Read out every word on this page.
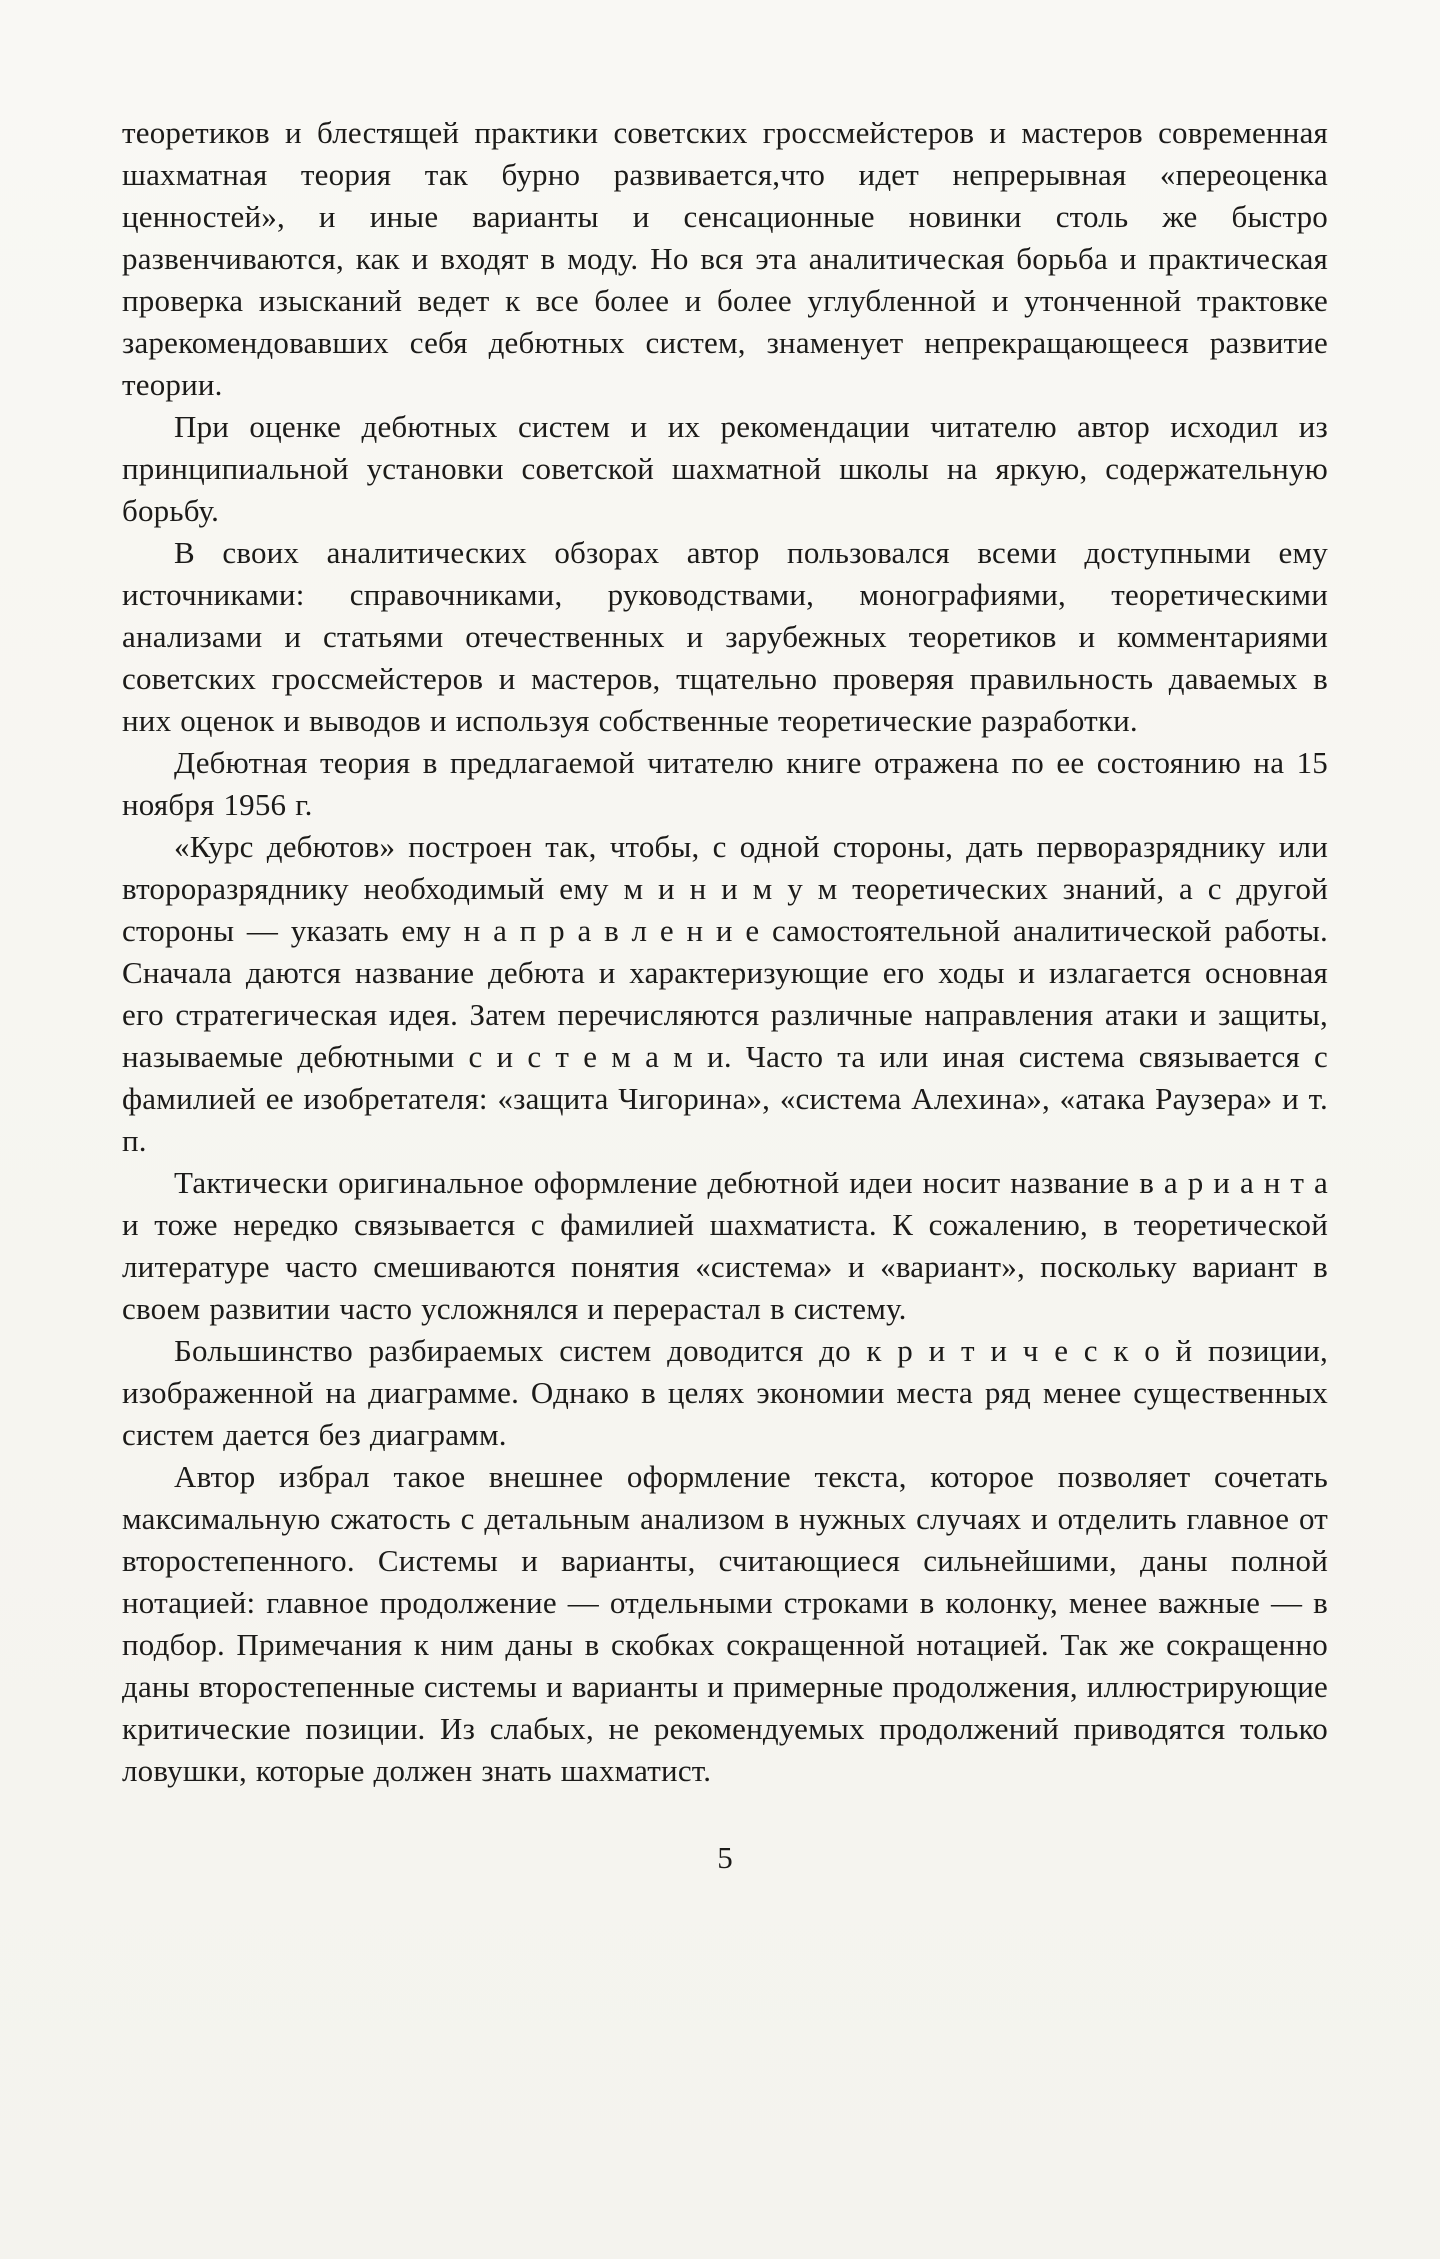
теоретиков и блестящей практики советских гроссмейстеров и мастеров современная шахматная теория так бурно развивается,что идет непрерывная «переоценка ценностей», и иные варианты и сенсационные новинки столь же быстро развенчиваются, как и входят в моду. Но вся эта аналитическая борьба и практическая проверка изысканий ведет к все более и более углубленной и утонченной трактовке зарекомендовавших себя дебютных систем, знаменует непрекращающееся развитие теории.

При оценке дебютных систем и их рекомендации читателю автор исходил из принципиальной установки советской шахматной школы на яркую, содержательную борьбу.

В своих аналитических обзорах автор пользовался всеми доступными ему источниками: справочниками, руководствами, монографиями, теоретическими анализами и статьями отечественных и зарубежных теоретиков и комментариями советских гроссмейстеров и мастеров, тщательно проверяя правильность даваемых в них оценок и выводов и используя собственные теоретические разработки.

Дебютная теория в предлагаемой читателю книге отражена по ее состоянию на 15 ноября 1956 г.

«Курс дебютов» построен так, чтобы, с одной стороны, дать перворазряднику или второразряднику необходимый ему м и н и м у м теоретических знаний, а с другой стороны — указать ему н а п р а в л е н и е самостоятельной аналитической работы. Сначала даются название дебюта и характеризующие его ходы и излагается основная его стратегическая идея. Затем перечисляются различные направления атаки и защиты, называемые дебютными с и с т е м а м и. Часто та или иная система связывается с фамилией ее изобретателя: «защита Чигорина», «система Алехина», «атака Раузера» и т. п.

Тактически оригинальное оформление дебютной идеи носит название в а р и а н т а и тоже нередко связывается с фамилией шахматиста. К сожалению, в теоретической литературе часто смешиваются понятия «система» и «вариант», поскольку вариант в своем развитии часто усложнялся и перерастал в систему.

Большинство разбираемых систем доводится до к р и т и ч е с к о й позиции, изображенной на диаграмме. Однако в целях экономии места ряд менее существенных систем дается без диаграмм.

Автор избрал такое внешнее оформление текста, которое позволяет сочетать максимальную сжатость с детальным анализом в нужных случаях и отделить главное от второстепенного. Системы и варианты, считающиеся сильнейшими, даны полной нотацией: главное продолжение — отдельными строками в колонку, менее важные — в подбор. Примечания к ним даны в скобках сокращенной нотацией. Так же сокращенно даны второстепенные системы и варианты и примерные продолжения, иллюстрирующие критические позиции. Из слабых, не рекомендуемых продолжений приводятся только ловушки, которые должен знать шахматист.

5
